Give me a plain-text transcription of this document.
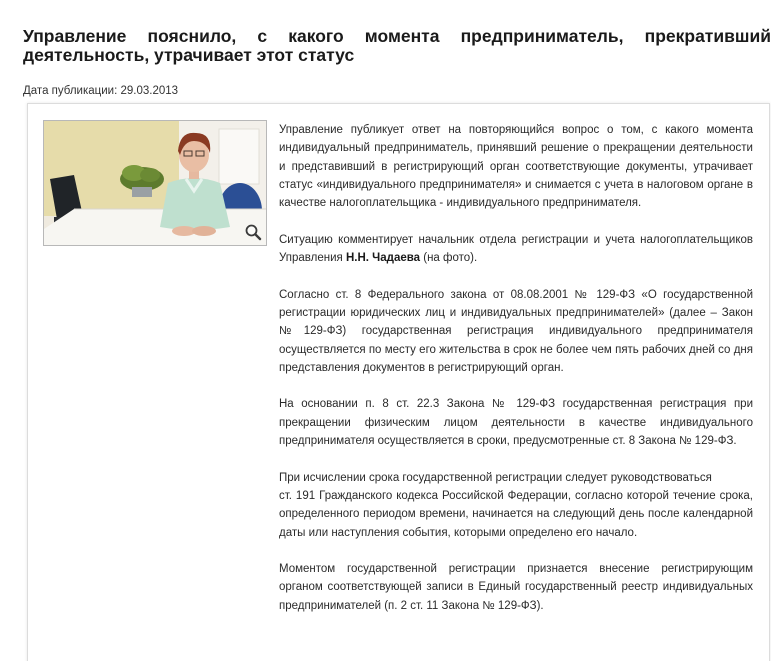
Управление пояснило, с какого момента предприниматель, прекративший деятельность, утрачивает этот статус
Дата публикации: 29.03.2013

Управление публикует ответ на повторяющийся вопрос о том, с какого момента индивидуальный предприниматель, принявший решение о прекращении деятельности и представивший в регистрирующий орган соответствующие документы, утрачивает статус «индивидуального предпринимателя» и снимается с учета в налоговом органе в качестве налогоплательщика - индивидуального предпринимателя.

Ситуацию комментирует начальник отдела регистрации и учета налогоплательщиков Управления Н.Н. Чадаева (на фото).

Согласно ст. 8 Федерального закона от 08.08.2001 № 129-ФЗ «О государственной регистрации юридических лиц и индивидуальных предпринимателей» (далее – Закон №129-ФЗ) государственная регистрация индивидуального предпринимателя осуществляется по месту его жительства в срок не более чем пять рабочих дней со дня представления документов в регистрирующий орган.

На основании п. 8 ст. 22.3 Закона № 129-ФЗ государственная регистрация при прекращении физическим лицом деятельности в качестве индивидуального предпринимателя осуществляется в сроки, предусмотренные ст. 8 Закона № 129-ФЗ.

При исчислении срока государственной регистрации следует руководствоваться
ст. 191 Гражданского кодекса Российской Федерации, согласно которой течение срока, определенного периодом времени, начинается на следующий день после календарной даты или наступления события, которыми определено его начало.

Моментом государственной регистрации признается внесение регистрирующим органом соответствующей записи в Единый государственный реестр индивидуальных предпринимателей (п. 2 ст. 11 Закона № 129-ФЗ).
